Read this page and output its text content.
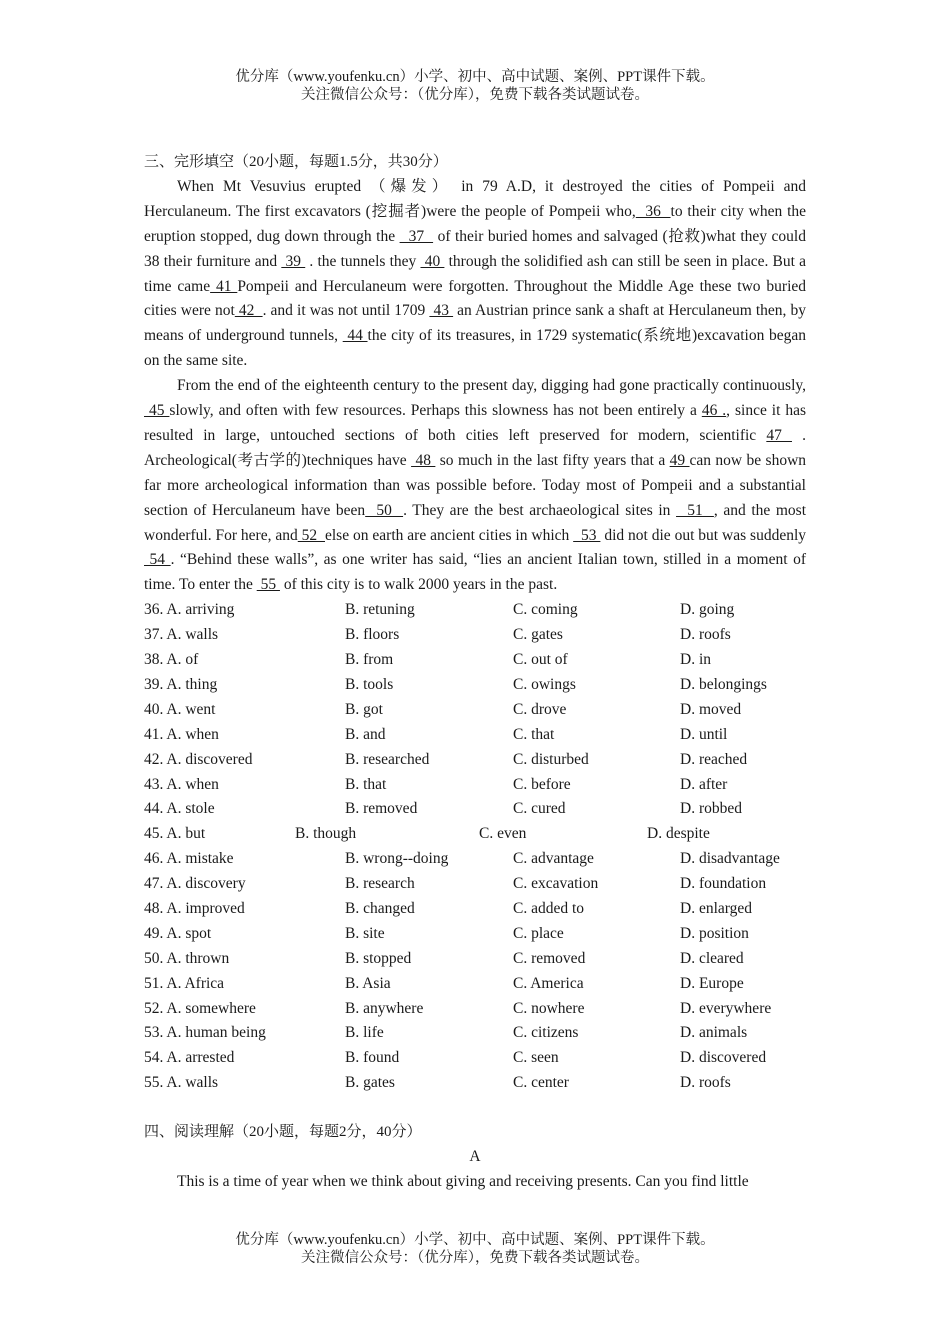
优分库（www.youfenku.cn）小学、初中、高中试题、案例、PPT课件下载。
关注微信公众号：（优分库），免费下载各类试题试卷。
三、完形填空（20小题，每题1.5分，共30分）

When Mt Vesuvius erupted （爆发） in 79 A.D, it destroyed the cities of Pompeii and Herculaneum. The first excavators (挖掘者)were the people of Pompeii who,  36  to their city when the eruption stopped, dug down through the   37   of their buried homes and salvaged (抢救)what they could 38 their furniture and  39  . the tunnels they  40  through the solidified ash can still be seen in place. But a time came 41 Pompeii and Herculaneum were forgotten. Throughout the Middle Age these two buried cities were not 42  . and it was not until 1709  43  an Austrian prince sank a shaft at Herculaneum then, by means of underground tunnels,  44 the city of its treasures, in 1729 systematic(系统地)excavation began on the same site.

From the end of the eighteenth century to the present day, digging had gone practically continuously, 45 slowly, and often with few resources. Perhaps this slowness has not been entirely a 46 ., since it has resulted in large, untouched sections of both cities left preserved for modern, scientific 47  . Archeological(考古学的)techniques have  48  so much in the last fifty years that a 49 can now be shown far more archeological information than was possible before. Today most of Pompeii and a substantial section of Herculaneum have been  50  . They are the best archaeological sites in   51  , and the most wonderful. For here, and 52  else on earth are ancient cities in which   53  did not die out but was suddenly  54 . “Behind these walls”, as one writer has said, “lies an ancient Italian town, stilled in a moment of time. To enter the  55  of this city is to walk 2000 years in the past.

36. A. arriving	B. retuning	C. coming	D. going
37. A. walls	B. floors	C. gates	D. roofs
38. A. of	B. from	C. out of	D. in
39. A. thing	B. tools	C. owings	D. belongings
40. A. went	B. got	C. drove	D. moved
41. A. when	B. and	C. that	D. until
42. A. discovered	B. researched	C. disturbed	D. reached
43. A. when	B. that	C. before	D. after
44. A. stole	B. removed	C. cured	D. robbed
45. A. but	B. though	C. even	D. despite
46. A. mistake	B. wrong--doing	C. advantage	D. disadvantage
47. A. discovery	B. research	C. excavation	D. foundation
48. A. improved	B. changed	C. added to	D. enlarged
49. A. spot	B. site	C. place	D. position
50. A. thrown	B. stopped	C. removed	D. cleared
51. A. Africa	B. Asia	C. America	D. Europe
52. A. somewhere	B. anywhere	C. nowhere	D. everywhere
53. A. human being	B. life	C. citizens	D. animals
54. A. arrested	B. found	C. seen	D. discovered
55. A. walls	B. gates	C. center	D. roofs
四、阅读理解（20小题，每题2分，40分）
A

This is a time of year when we think about giving and receiving presents. Can you find little

优分库（www.youfenku.cn）小学、初中、高中试题、案例、PPT课件下载。
关注微信公众号：（优分库），免费下载各类试题试卷。
